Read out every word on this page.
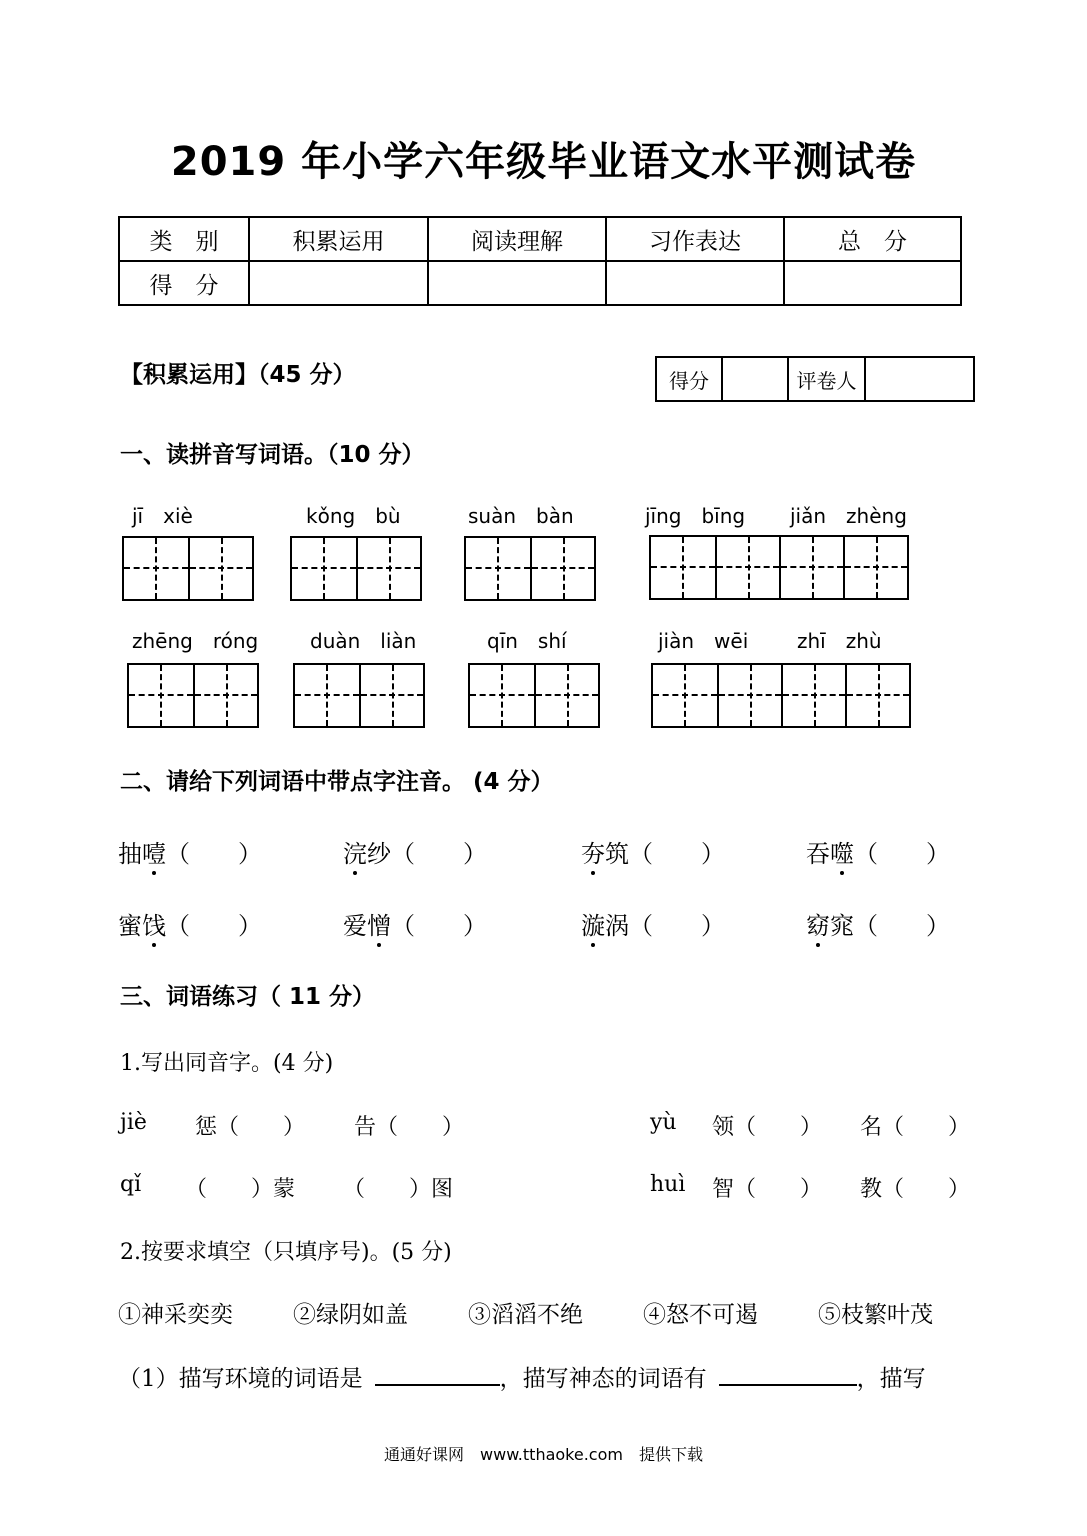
2019 年小学六年级毕业语文水平测试卷
类　别	积累运用	阅读理解	习作表达	总　分
得　分				
【积累运用】（45 分）	得分		评卷人	
一、读拼音写词语。（10 分）
jī　xiè	kǒng　bù	suàn　bàn	jīng　bīng jiǎn　zhèng
zhēng　róng	duàn　liàn	qīn　shí	jiàn　wēi zhī　zhù
二、请给下列词语中带点字注音。 (4 分）
抽噎（　　）	浣纱（　　）	夯筑（　　）	吞噬（　　）
蜜饯（　　）	爱憎（　　）	漩涡（　　）	窈窕（　　）
三、词语练习（ 11 分）
1.写出同音字。(4 分)
jiè 惩（　　） 告（　　）	yù 领（　　） 名（　　）
qǐ （　　）蒙 （　　）图	huì 智（　　） 教（　　）
2.按要求填空（只填序号)。(5 分)
①神采奕奕	②绿阴如盖	③滔滔不绝	④怒不可遏	⑤枝繁叶茂
（1）描写环境的词语是	，描写神态的词语有	，描写
通通好课网　www.tthaoke.com　提供下载
